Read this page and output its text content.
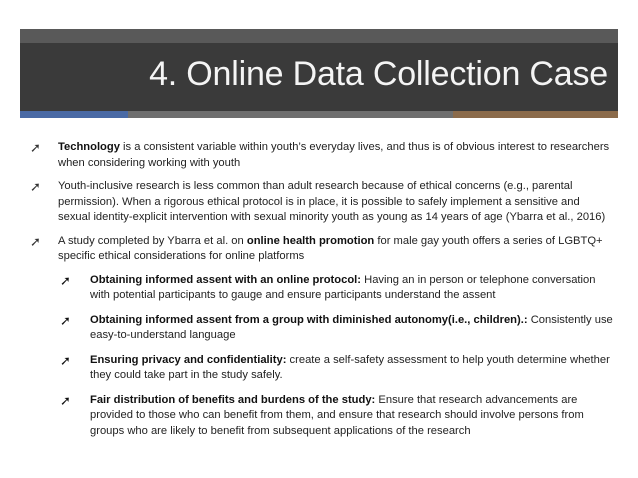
4. Online Data Collection Case
➚ Technology is a consistent variable within youth’s everyday lives, and thus is of obvious interest to researchers when considering working with youth
➚ Youth-inclusive research is less common than adult research because of ethical concerns (e.g., parental permission). When a rigorous ethical protocol is in place, it is possible to safely implement a sensitive and sexual identity-explicit intervention with sexual minority youth as young as 14 years of age (Ybarra et al., 2016)
➚ A study completed by Ybarra et al. on online health promotion for male gay youth offers a series of LGBTQ+ specific ethical considerations for online platforms
➚ Obtaining informed assent with an online protocol: Having an in person or telephone conversation with potential participants to gauge and ensure participants understand the assent
➚ Obtaining informed assent from a group with diminished autonomy(i.e., children).: Consistently use easy-to-understand language
➚ Ensuring privacy and confidentiality: create a self-safety assessment to help youth determine whether they could take part in the study safely.
➚ Fair distribution of benefits and burdens of the study: Ensure that research advancements are provided to those who can benefit from them, and ensure that research should involve persons from groups who are likely to benefit from subsequent applications of the research
